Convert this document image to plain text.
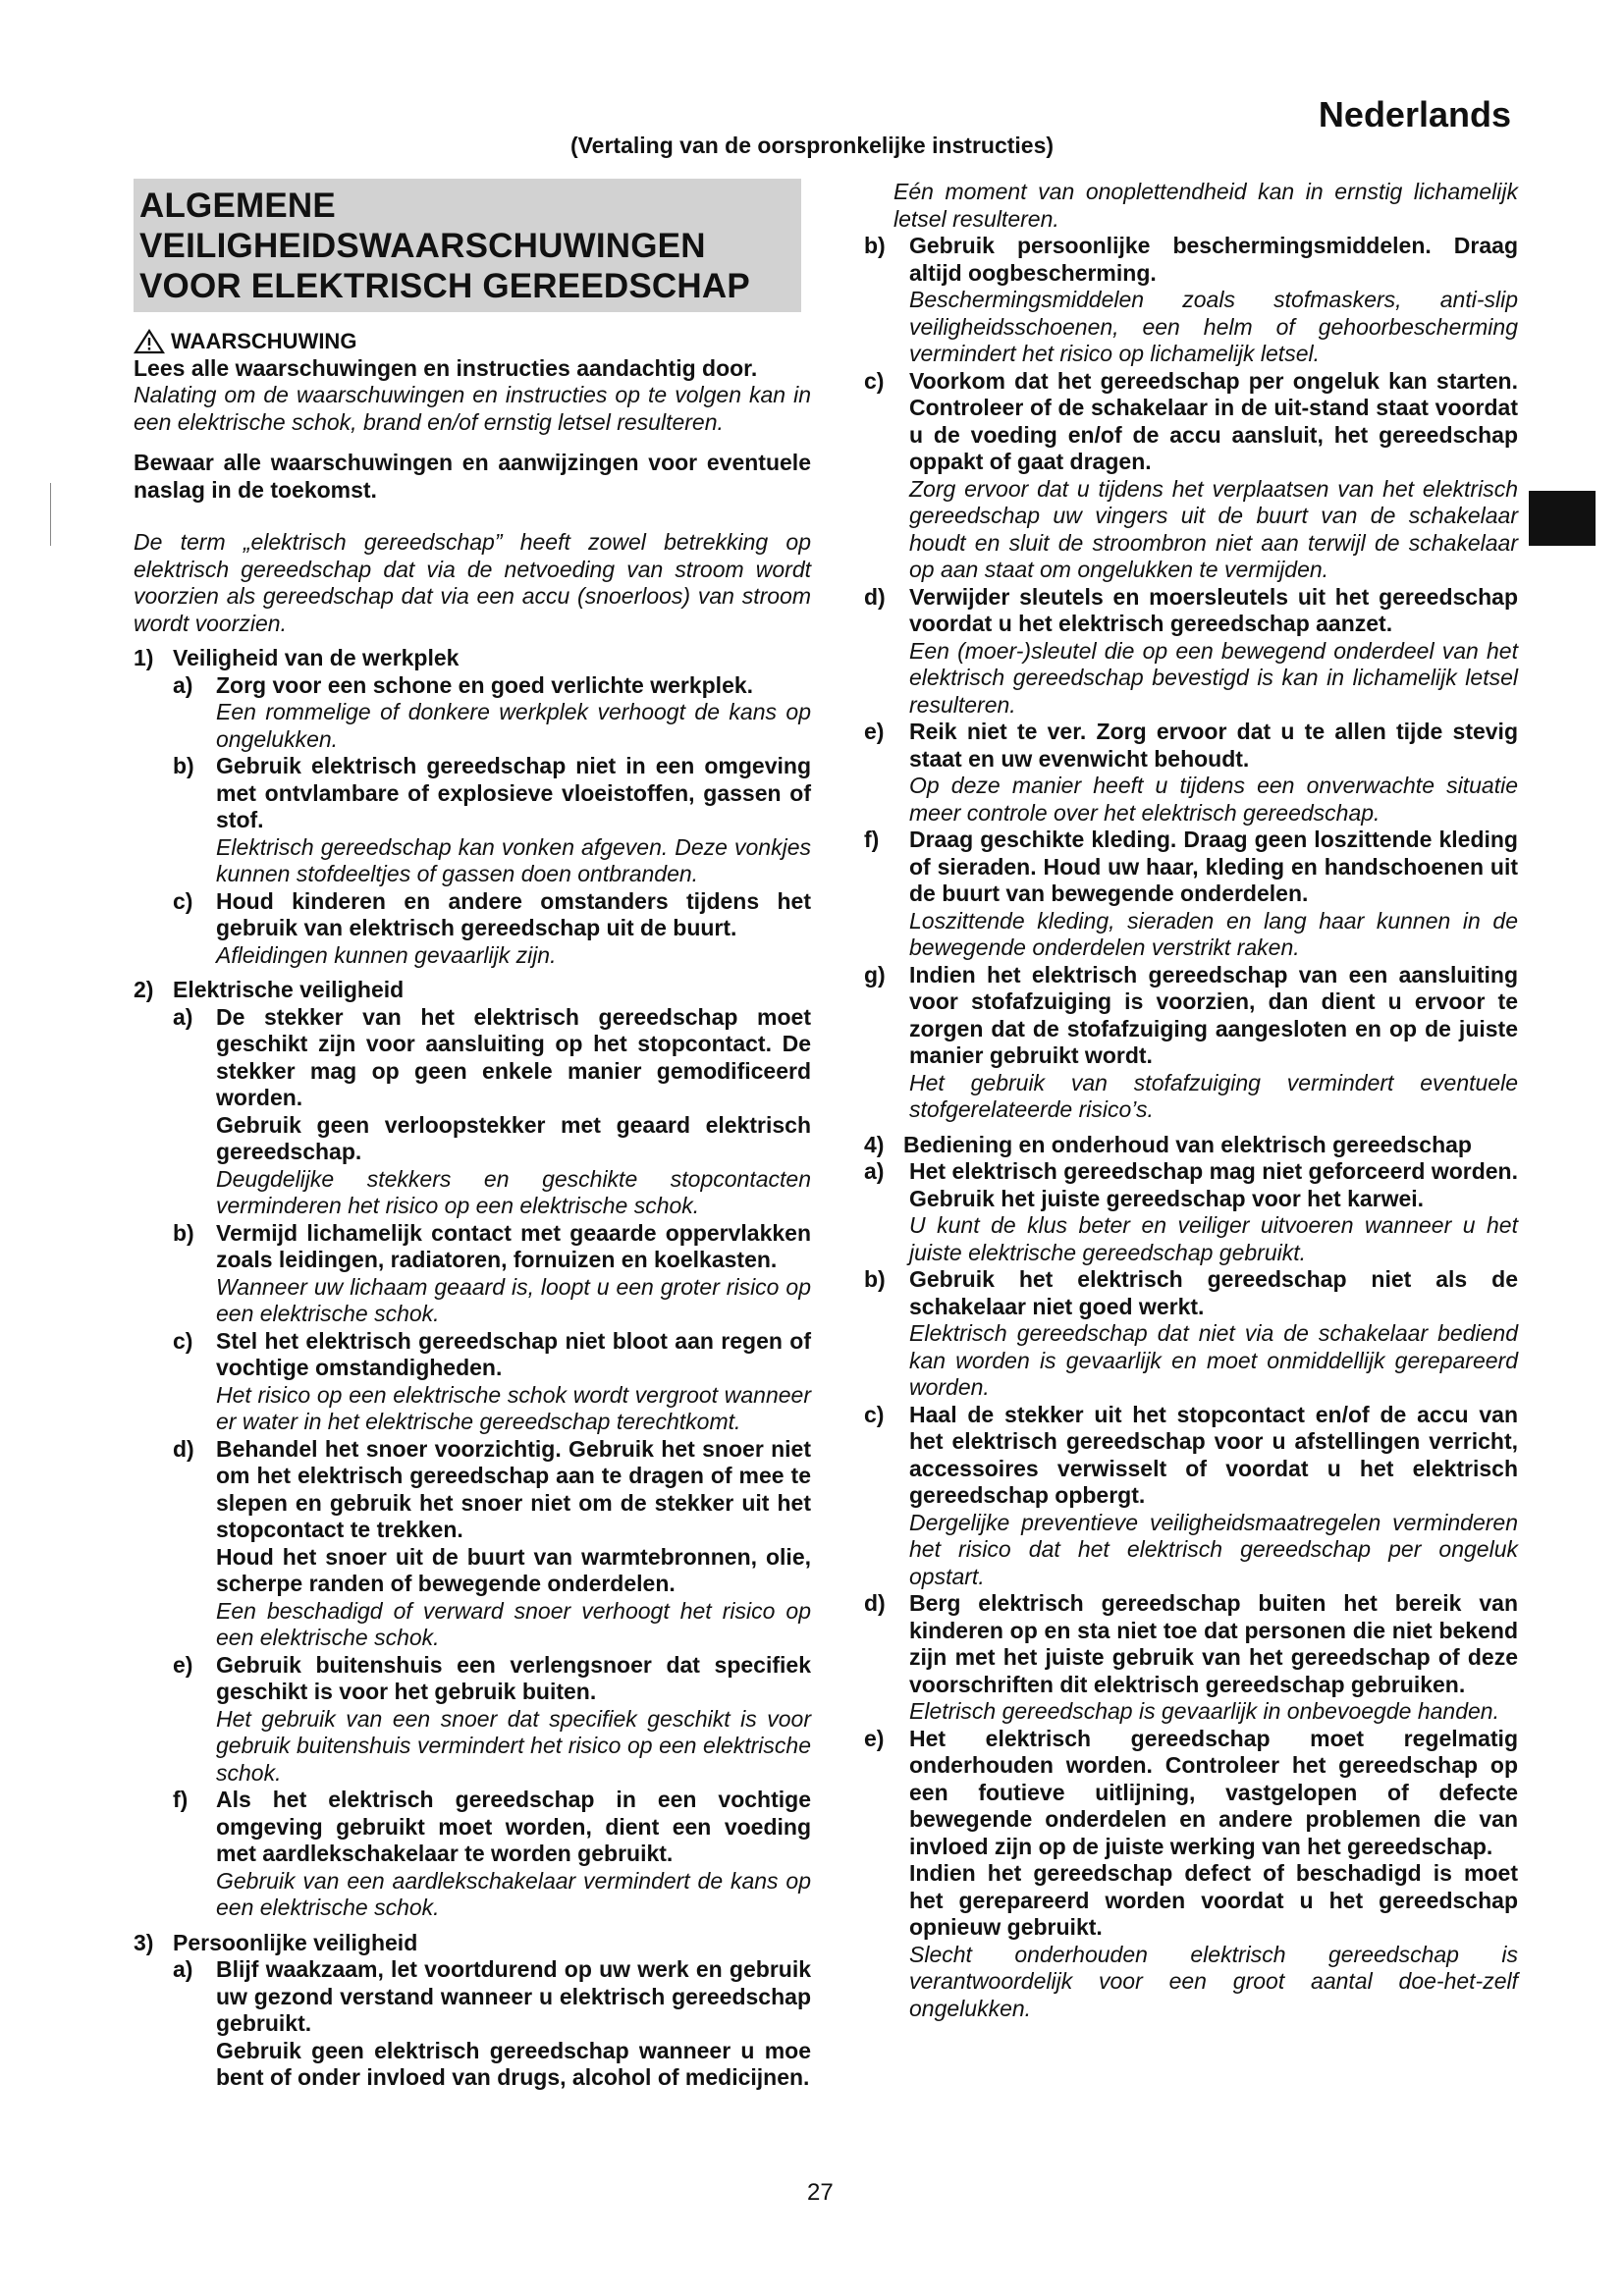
Nederlands
(Vertaling van de oorspronkelijke instructies)
ALGEMENE
VEILIGHEIDSWAARSCHUWINGEN
VOOR ELEKTRISCH GEREEDSCHAP
WAARSCHUWING

Lees alle waarschuwingen en instructies aandachtig door.

Nalating om de waarschuwingen en instructies op te volgen kan in een elektrische schok, brand en/of ernstig letsel resulteren.

Bewaar alle waarschuwingen en aanwijzingen voor eventuele naslag in de toekomst.

De term „elektrisch gereedschap” heeft zowel betrekking op elektrisch gereedschap dat via de netvoeding van stroom wordt voorzien als gereedschap dat via een accu (snoerloos) van stroom wordt voorzien.

1) Veiligheid van de werkplek
a)	Zorg voor een schone en goed verlichte werkplek.

Een rommelige of donkere werkplek verhoogt de kans op ongelukken.

b) Gebruik elektrisch gereedschap niet in een omgeving met ontvlambare of explosieve vloeistoffen, gassen of stof.

Elektrisch gereedschap kan vonken afgeven. Deze vonkjes kunnen stofdeeltjes of gassen doen ontbranden.

c)	Houd kinderen en andere omstanders tijdens het gebruik van elektrisch gereedschap uit de buurt.

Afleidingen kunnen gevaarlijk zijn.

2) Elektrische veiligheid
a)	De stekker van het elektrisch gereedschap moet geschikt zijn voor aansluiting op het stopcontact. De stekker mag op geen enkele manier gemodificeerd worden.

Gebruik geen verloopstekker met geaard elektrisch gereedschap.

Deugdelijke stekkers en geschikte stopcontacten verminderen het risico op een elektrische schok.

b) Vermijd lichamelijk contact met geaarde oppervlakken zoals leidingen, radiatoren, fornuizen en koelkasten.

Wanneer uw lichaam geaard is, loopt u een groter risico op een elektrische schok.

c)	Stel het elektrisch gereedschap niet bloot aan regen of vochtige omstandigheden.

Het risico op een elektrische schok wordt vergroot wanneer er water in het elektrische gereedschap terechtkomt.

d) Behandel het snoer voorzichtig. Gebruik het snoer niet om het elektrisch gereedschap aan te dragen of mee te slepen en gebruik het snoer niet om de stekker uit het stopcontact te trekken.

Houd het snoer uit de buurt van warmtebronnen, olie, scherpe randen of bewegende onderdelen.

Een beschadigd of verward snoer verhoogt het risico op een elektrische schok.

e)	Gebruik buitenshuis een verlengsnoer dat specifiek geschikt is voor het gebruik buiten.

Het gebruik van een snoer dat specifiek geschikt is voor gebruik buitenshuis vermindert het risico op een elektrische schok.

f)	Als het elektrisch gereedschap in een vochtige omgeving gebruikt moet worden, dient een voeding met aardlekschakelaar te worden gebruikt.

Gebruik van een aardlekschakelaar vermindert de kans op een elektrische schok.

3) Persoonlijke veiligheid
a)	Blijf waakzaam, let voortdurend op uw werk en gebruik uw gezond verstand wanneer u elektrisch gereedschap gebruikt.

Gebruik geen elektrisch gereedschap wanneer u moe bent of onder invloed van drugs, alcohol of medicijnen.

Eén moment van onoplettendheid kan in ernstig lichamelijk letsel resulteren.

b)	Gebruik persoonlijke beschermingsmiddelen. Draag altijd oogbescherming.

Beschermingsmiddelen zoals stofmaskers, anti-slip veiligheidsschoenen, een helm of gehoorbescherming vermindert het risico op lichamelijk letsel.

c)	Voorkom dat het gereedschap per ongeluk kan starten. Controleer of de schakelaar in de uit-stand staat voordat u de voeding en/of de accu aansluit, het gereedschap oppakt of gaat dragen.

Zorg ervoor dat u tijdens het verplaatsen van het elektrisch gereedschap uw vingers uit de buurt van de schakelaar houdt en sluit de stroombron niet aan terwijl de schakelaar op aan staat om ongelukken te vermijden.

d)	Verwijder sleutels en moersleutels uit het gereedschap voordat u het elektrisch gereedschap aanzet.

Een (moer-)sleutel die op een bewegend onderdeel van het elektrisch gereedschap bevestigd is kan in lichamelijk letsel resulteren.

e)	Reik niet te ver. Zorg ervoor dat u te allen tijde stevig staat en uw evenwicht behoudt.

Op deze manier heeft u tijdens een onverwachte situatie meer controle over het elektrisch gereedschap.

f)	Draag geschikte kleding. Draag geen loszittende kleding of sieraden. Houd uw haar, kleding en handschoenen uit de buurt van bewegende onderdelen.

Loszittende kleding, sieraden en lang haar kunnen in de bewegende onderdelen verstrikt raken.

g)	Indien het elektrisch gereedschap van een aansluiting voor stofafzuiging is voorzien, dan dient u ervoor te zorgen dat de stofafzuiging aangesloten en op de juiste manier gebruikt wordt.

Het gebruik van stofafzuiging vermindert eventuele stofgerelateerde risico’s.

4) Bediening en onderhoud van elektrisch gereedschap
a)	Het elektrisch gereedschap mag niet geforceerd worden. Gebruik het juiste gereedschap voor het karwei.

U kunt de klus beter en veiliger uitvoeren wanneer u het juiste elektrische gereedschap gebruikt.

b)	Gebruik het elektrisch gereedschap niet als de schakelaar niet goed werkt.

Elektrisch gereedschap dat niet via de schakelaar bediend kan worden is gevaarlijk en moet onmiddellijk gerepareerd worden.

c)	Haal de stekker uit het stopcontact en/of de accu van het elektrisch gereedschap voor u afstellingen verricht, accessoires verwisselt of voordat u het elektrisch gereedschap opbergt.

Dergelijke preventieve veiligheidsmaatregelen verminderen het risico dat het elektrisch gereedschap per ongeluk opstart.

d)	Berg elektrisch gereedschap buiten het bereik van kinderen op en sta niet toe dat personen die niet bekend zijn met het juiste gebruik van het gereedschap of deze voorschriften dit elektrisch gereedschap gebruiken.

Eletrisch gereedschap is gevaarlijk in onbevoegde handen.

e)	Het elektrisch gereedschap moet regelmatig onderhouden worden. Controleer het gereedschap op een foutieve uitlijning, vastgelopen of defecte bewegende onderdelen en andere problemen die van invloed zijn op de juiste werking van het gereedschap.

Indien het gereedschap defect of beschadigd is moet het gerepareerd worden voordat u het gereedschap opnieuw gebruikt.

Slecht onderhouden elektrisch gereedschap is verantwoordelijk voor een groot aantal doe-het-zelf ongelukken.

27
